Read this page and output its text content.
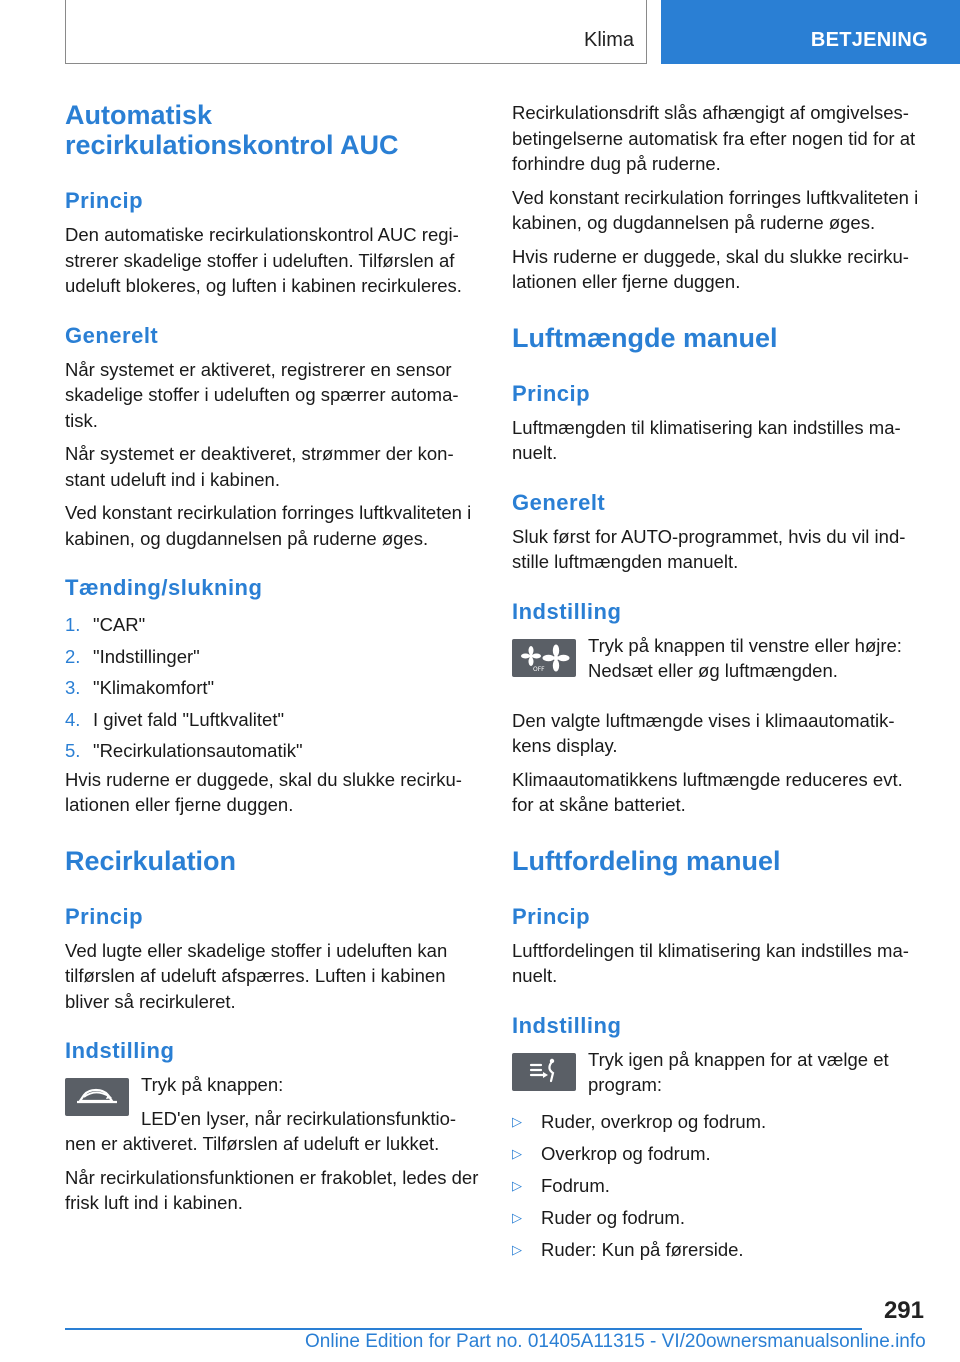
Klima	BETJENING
Automatisk recirkulationskontrol AUC
Princip

Den automatiske recirkulationskontrol AUC regi-strerer skadelige stoffer i udeluften. Tilførslen af udeluft blokeres, og luften i kabinen recirkuleres.

Generelt

Når systemet er aktiveret, registrerer en sensor skadelige stoffer i udeluften og spærrer automa-tisk.

Når systemet er deaktiveret, strømmer der kon-stant udeluft ind i kabinen.

Ved konstant recirkulation forringes luftkvaliteten i kabinen, og dugdannelsen på ruderne øges.

Tænding/slukning
1. "CAR"
2. "Indstillinger"
3. "Klimakomfort"
4. I givet fald "Luftkvalitet"
5. "Recirkulationsautomatik"

Hvis ruderne er duggede, skal du slukke recirku-lationen eller fjerne duggen.

Recirkulation
Princip

Ved lugte eller skadelige stoffer i udeluften kan tilførslen af udeluft afspærres. Luften i kabinen bliver så recirkuleret.

Indstilling

Tryk på knappen:

LED'en lyser, når recirkulationsfunktio-nen er aktiveret. Tilførslen af udeluft er lukket.

Når recirkulationsfunktionen er frakoblet, ledes der frisk luft ind i kabinen.

Recirkulationsdrift slås afhængigt af omgivelses-betingelserne automatisk fra efter nogen tid for at forhindre dug på ruderne.

Ved konstant recirkulation forringes luftkvaliteten i kabinen, og dugdannelsen på ruderne øges.

Hvis ruderne er duggede, skal du slukke recirku-lationen eller fjerne duggen.

Luftmængde manuel
Princip

Luftmængden til klimatisering kan indstilles ma-nuelt.

Generelt

Sluk først for AUTO-programmet, hvis du vil ind-stille luftmængden manuelt.

Indstilling
OFF

Tryk på knappen til venstre eller højre: Nedsæt eller øg luftmængden.

Den valgte luftmængde vises i klimaautomatik-kens display.

Klimaautomatikkens luftmængde reduceres evt. for at skåne batteriet.

Luftfordeling manuel
Princip

Luftfordelingen til klimatisering kan indstilles ma-nuelt.

Indstilling

Tryk igen på knappen for at vælge et program:

▷	Ruder, overkrop og fodrum.
▷	Overkrop og fodrum.
▷	Fodrum.
▷	Ruder og fodrum.
▷	Ruder: Kun på førerside.
291
Online Edition for Part no. 01405A11315 - VI/20ownersmanualsonline.info
